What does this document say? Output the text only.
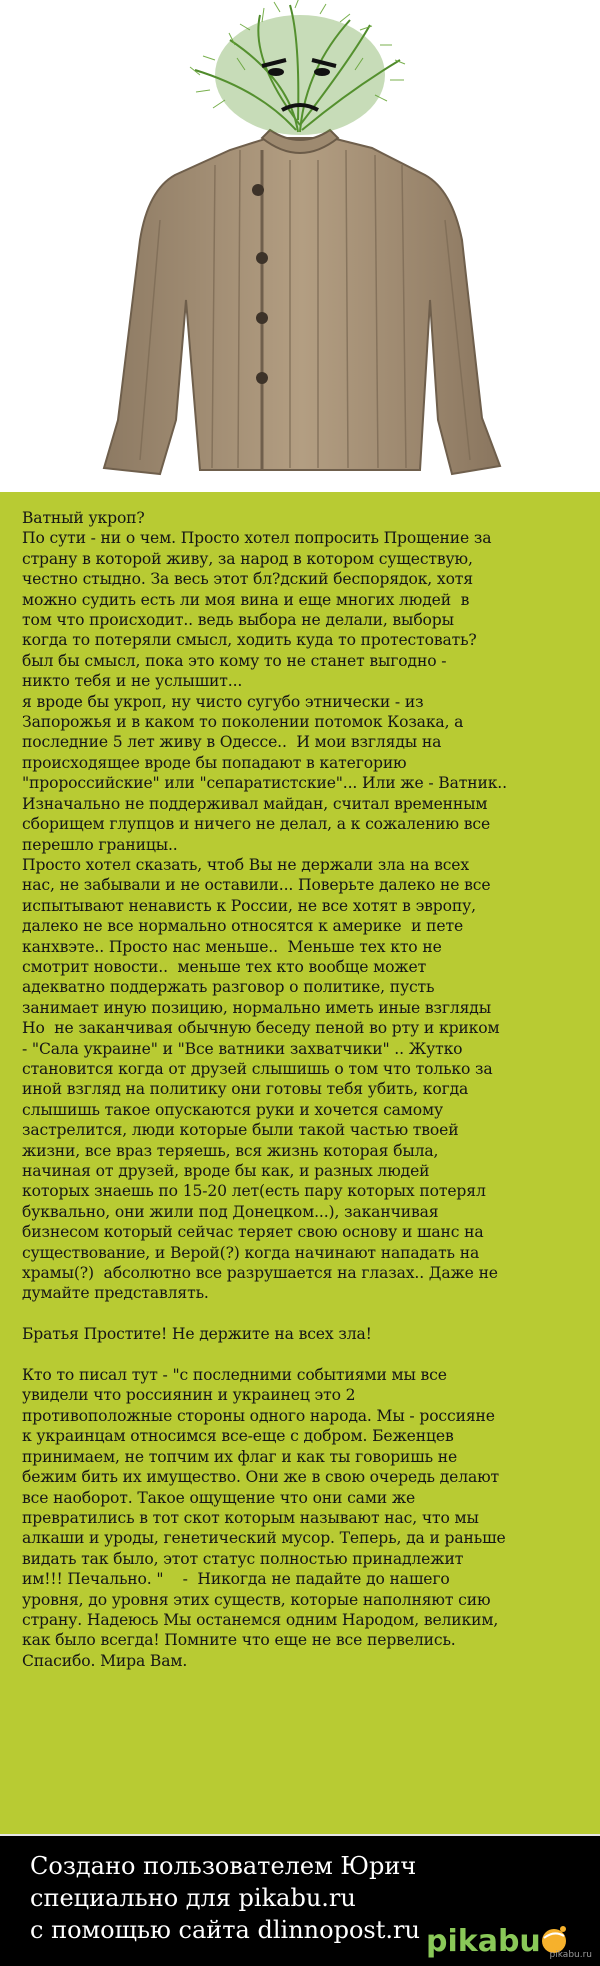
Ватный укроп?
По сути - ни о чем. Просто хотел попросить Прощение за
страну в которой живу, за народ в котором существую,
честно стыдно. За весь этот бл?дский беспорядок, хотя
можно судить есть ли моя вина и еще многих людей  в
том что происходит.. ведь выбора не делали, выборы
когда то потеряли смысл, ходить куда то протестовать?
был бы смысл, пока это кому то не станет выгодно -
никто тебя и не услышит...
я вроде бы укроп, ну чисто сугубо этнически - из
Запорожья и в каком то поколении потомок Козака, а
последние 5 лет живу в Одессе..  И мои взгляды на
происходящее вроде бы попадают в категорию
"пророссийские" или "сепаратистские"... Или же - Ватник..
Изначально не поддерживал майдан, считал временным
сборищем глупцов и ничего не делал, а к сожалению все
перешло границы..
Просто хотел сказать, чтоб Вы не держали зла на всех
нас, не забывали и не оставили... Поверьте далеко не все
испытывают ненависть к России, не все хотят в эвропу,
далеко не все нормально относятся к америке  и пете
канхвэте.. Просто нас меньше..  Меньше тех кто не
смотрит новости..  меньше тех кто вообще может
адекватно поддержать разговор о политике, пусть
занимает иную позицию, нормально иметь иные взгляды
Но  не заканчивая обычную беседу пеной во рту и криком
- "Сала украине" и "Все ватники захватчики" .. Жутко
становится когда от друзей слышишь о том что только за
иной взгляд на политику они готовы тебя убить, когда
слышишь такое опускаются руки и хочется самому
застрелится, люди которые были такой частью твоей
жизни, все враз теряешь, вся жизнь которая была,
начиная от друзей, вроде бы как, и разных людей
которых знаешь по 15-20 лет(есть пару которых потерял
буквально, они жили под Донецком...), заканчивая
бизнесом который сейчас теряет свою основу и шанс на
существование, и Верой(?) когда начинают нападать на
храмы(?)  абсолютно все разрушается на глазах.. Даже не
думайте представлять.

Братья Простите! Не держите на всех зла!

Кто то писал тут - "с последними событиями мы все
увидели что россиянин и украинец это 2
противоположные стороны одного народа. Мы - россияне
к украинцам относимся все-еще с добром. Беженцев
принимаем, не топчим их флаг и как ты говоришь не
бежим бить их имущество. Они же в свою очередь делают
все наоборот. Такое ощущение что они сами же
превратились в тот скот которым называют нас, что мы
алкаши и уроды, генетический мусор. Теперь, да и раньше
видать так было, этот статус полностью принадлежит
им!!! Печально. "    -  Никогда не падайте до нашего
уровня, до уровня этих существ, которые наполняют сию
страну. Надеюсь Мы останемся одним Народом, великим,
как было всегда! Помните что еще не все первелись.
Спасибо. Мира Вам.
Создано пользователем Юрич
специально для pikabu.ru
с помощью сайта dlinnopost.ru pikabu pikabu.ru
